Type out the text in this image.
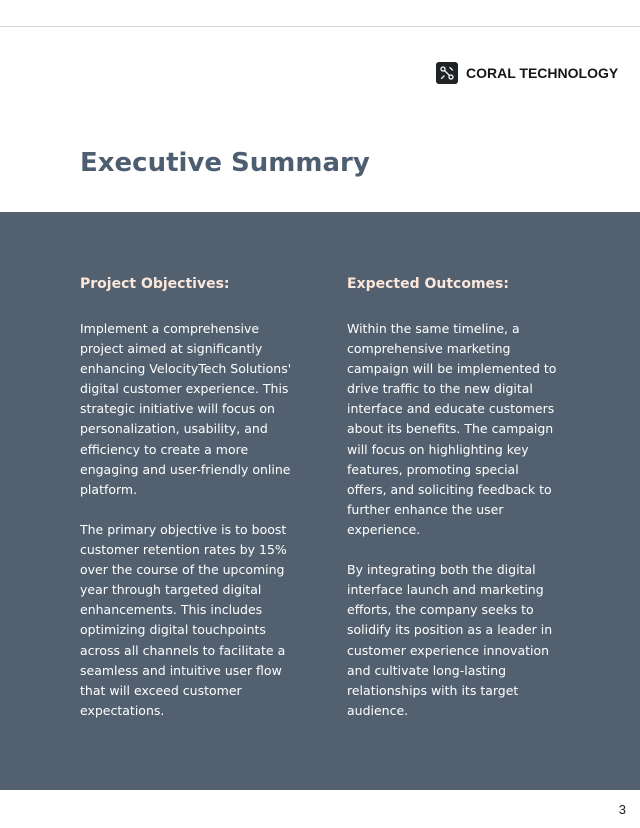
CORAL TECHNOLOGY
Executive Summary
Project Objectives:

Implement a comprehensive project aimed at significantly enhancing VelocityTech Solutions' digital customer experience. This strategic initiative will focus on personalization, usability, and efficiency to create a more engaging and user-friendly online platform.

The primary objective is to boost customer retention rates by 15% over the course of the upcoming year through targeted digital enhancements. This includes optimizing digital touchpoints across all channels to facilitate a seamless and intuitive user flow that will exceed customer expectations.

Expected Outcomes:

Within the same timeline, a comprehensive marketing campaign will be implemented to drive traffic to the new digital interface and educate customers about its benefits. The campaign will focus on highlighting key features, promoting special offers, and soliciting feedback to further enhance the user experience.

By integrating both the digital interface launch and marketing efforts, the company seeks to solidify its position as a leader in customer experience innovation and cultivate long-lasting relationships with its target audience.

3
